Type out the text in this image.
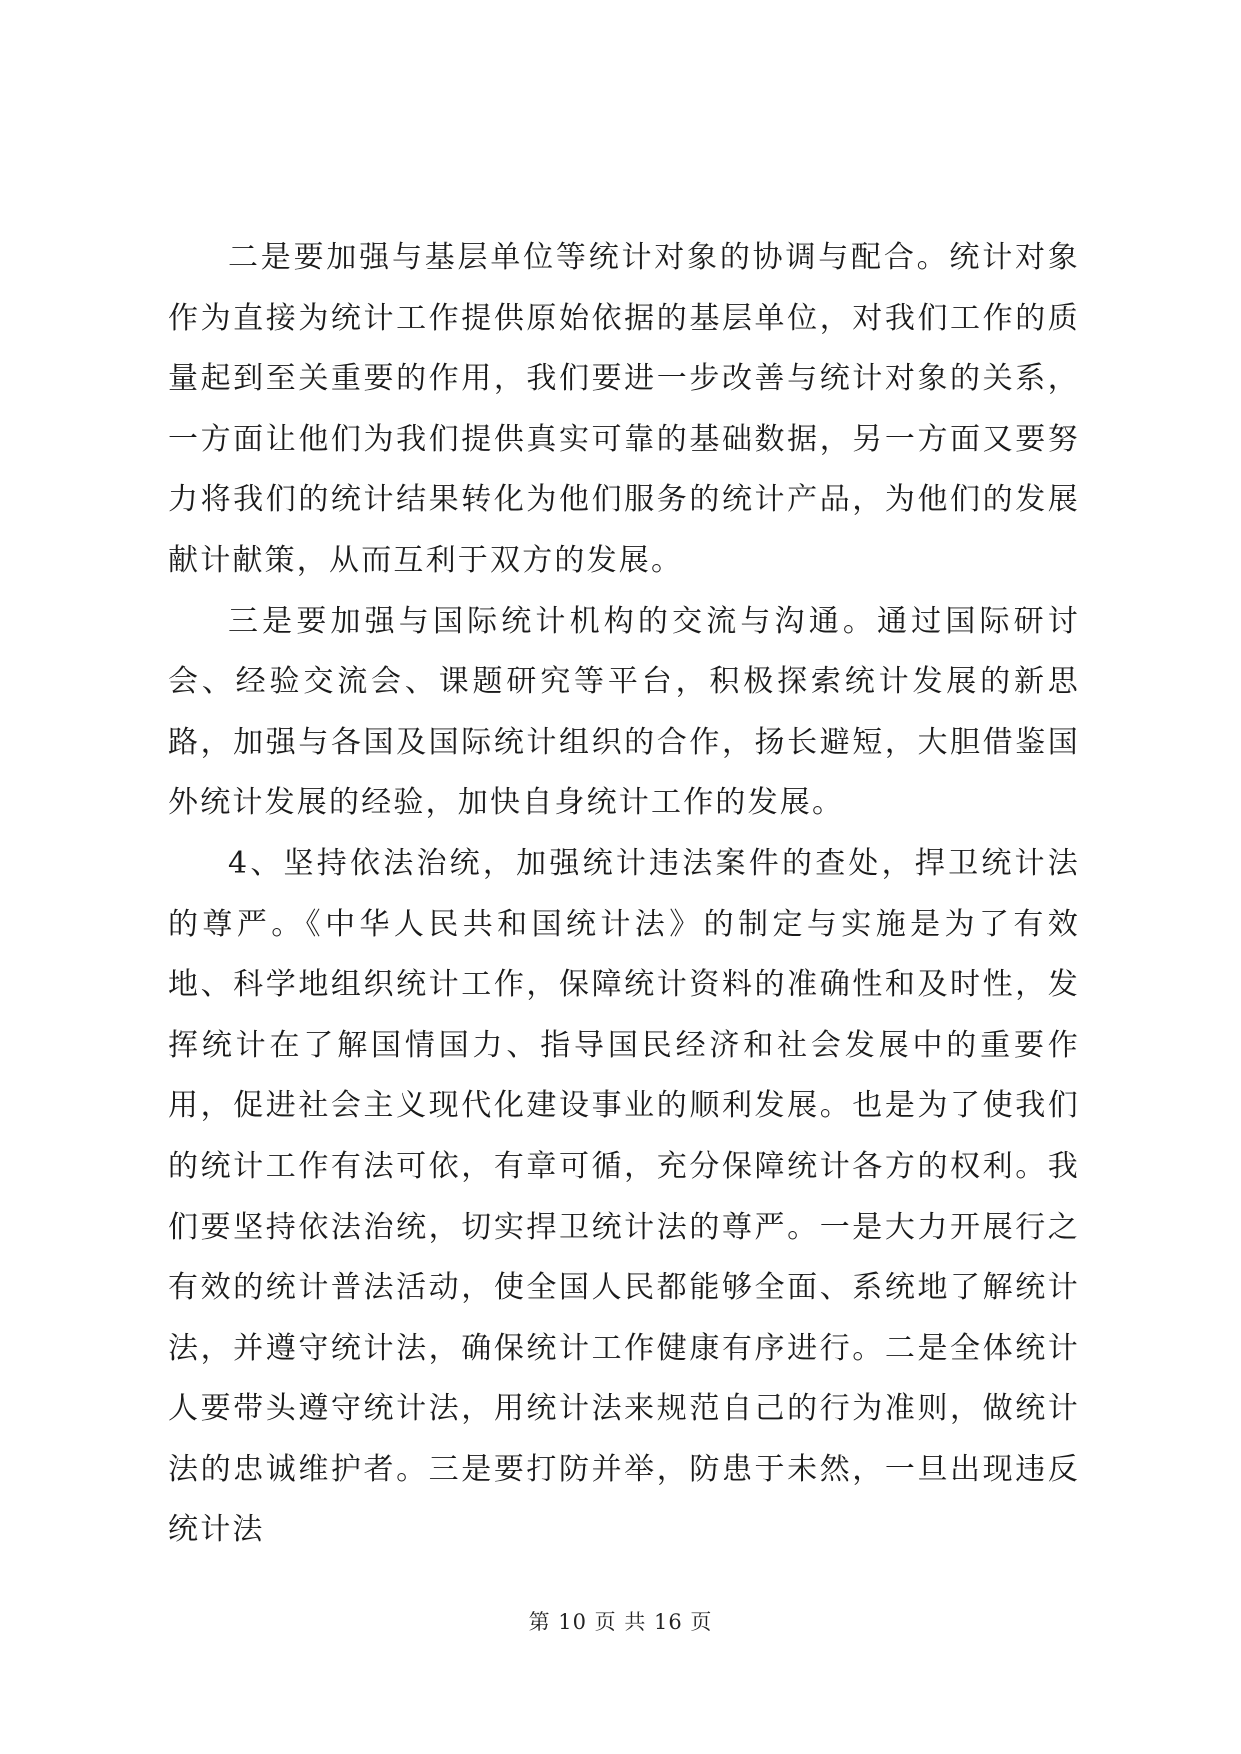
二是要加强与基层单位等统计对象的协调与配合。统计对象作为直接为统计工作提供原始依据的基层单位，对我们工作的质量起到至关重要的作用，我们要进一步改善与统计对象的关系，一方面让他们为我们提供真实可靠的基础数据，另一方面又要努力将我们的统计结果转化为他们服务的统计产品，为他们的发展献计献策，从而互利于双方的发展。

三是要加强与国际统计机构的交流与沟通。通过国际研讨会、经验交流会、课题研究等平台，积极探索统计发展的新思路，加强与各国及国际统计组织的合作，扬长避短，大胆借鉴国外统计发展的经验，加快自身统计工作的发展。

4、坚持依法治统，加强统计违法案件的查处，捍卫统计法的尊严。《中华人民共和国统计法》的制定与实施是为了有效地、科学地组织统计工作，保障统计资料的准确性和及时性，发挥统计在了解国情国力、指导国民经济和社会发展中的重要作用，促进社会主义现代化建设事业的顺利发展。也是为了使我们的统计工作有法可依，有章可循，充分保障统计各方的权利。我们要坚持依法治统，切实捍卫统计法的尊严。一是大力开展行之有效的统计普法活动，使全国人民都能够全面、系统地了解统计法，并遵守统计法，确保统计工作健康有序进行。二是全体统计人要带头遵守统计法，用统计法来规范自己的行为准则，做统计法的忠诚维护者。三是要打防并举，防患于未然，一旦出现违反统计法

第 10 页 共 16 页
